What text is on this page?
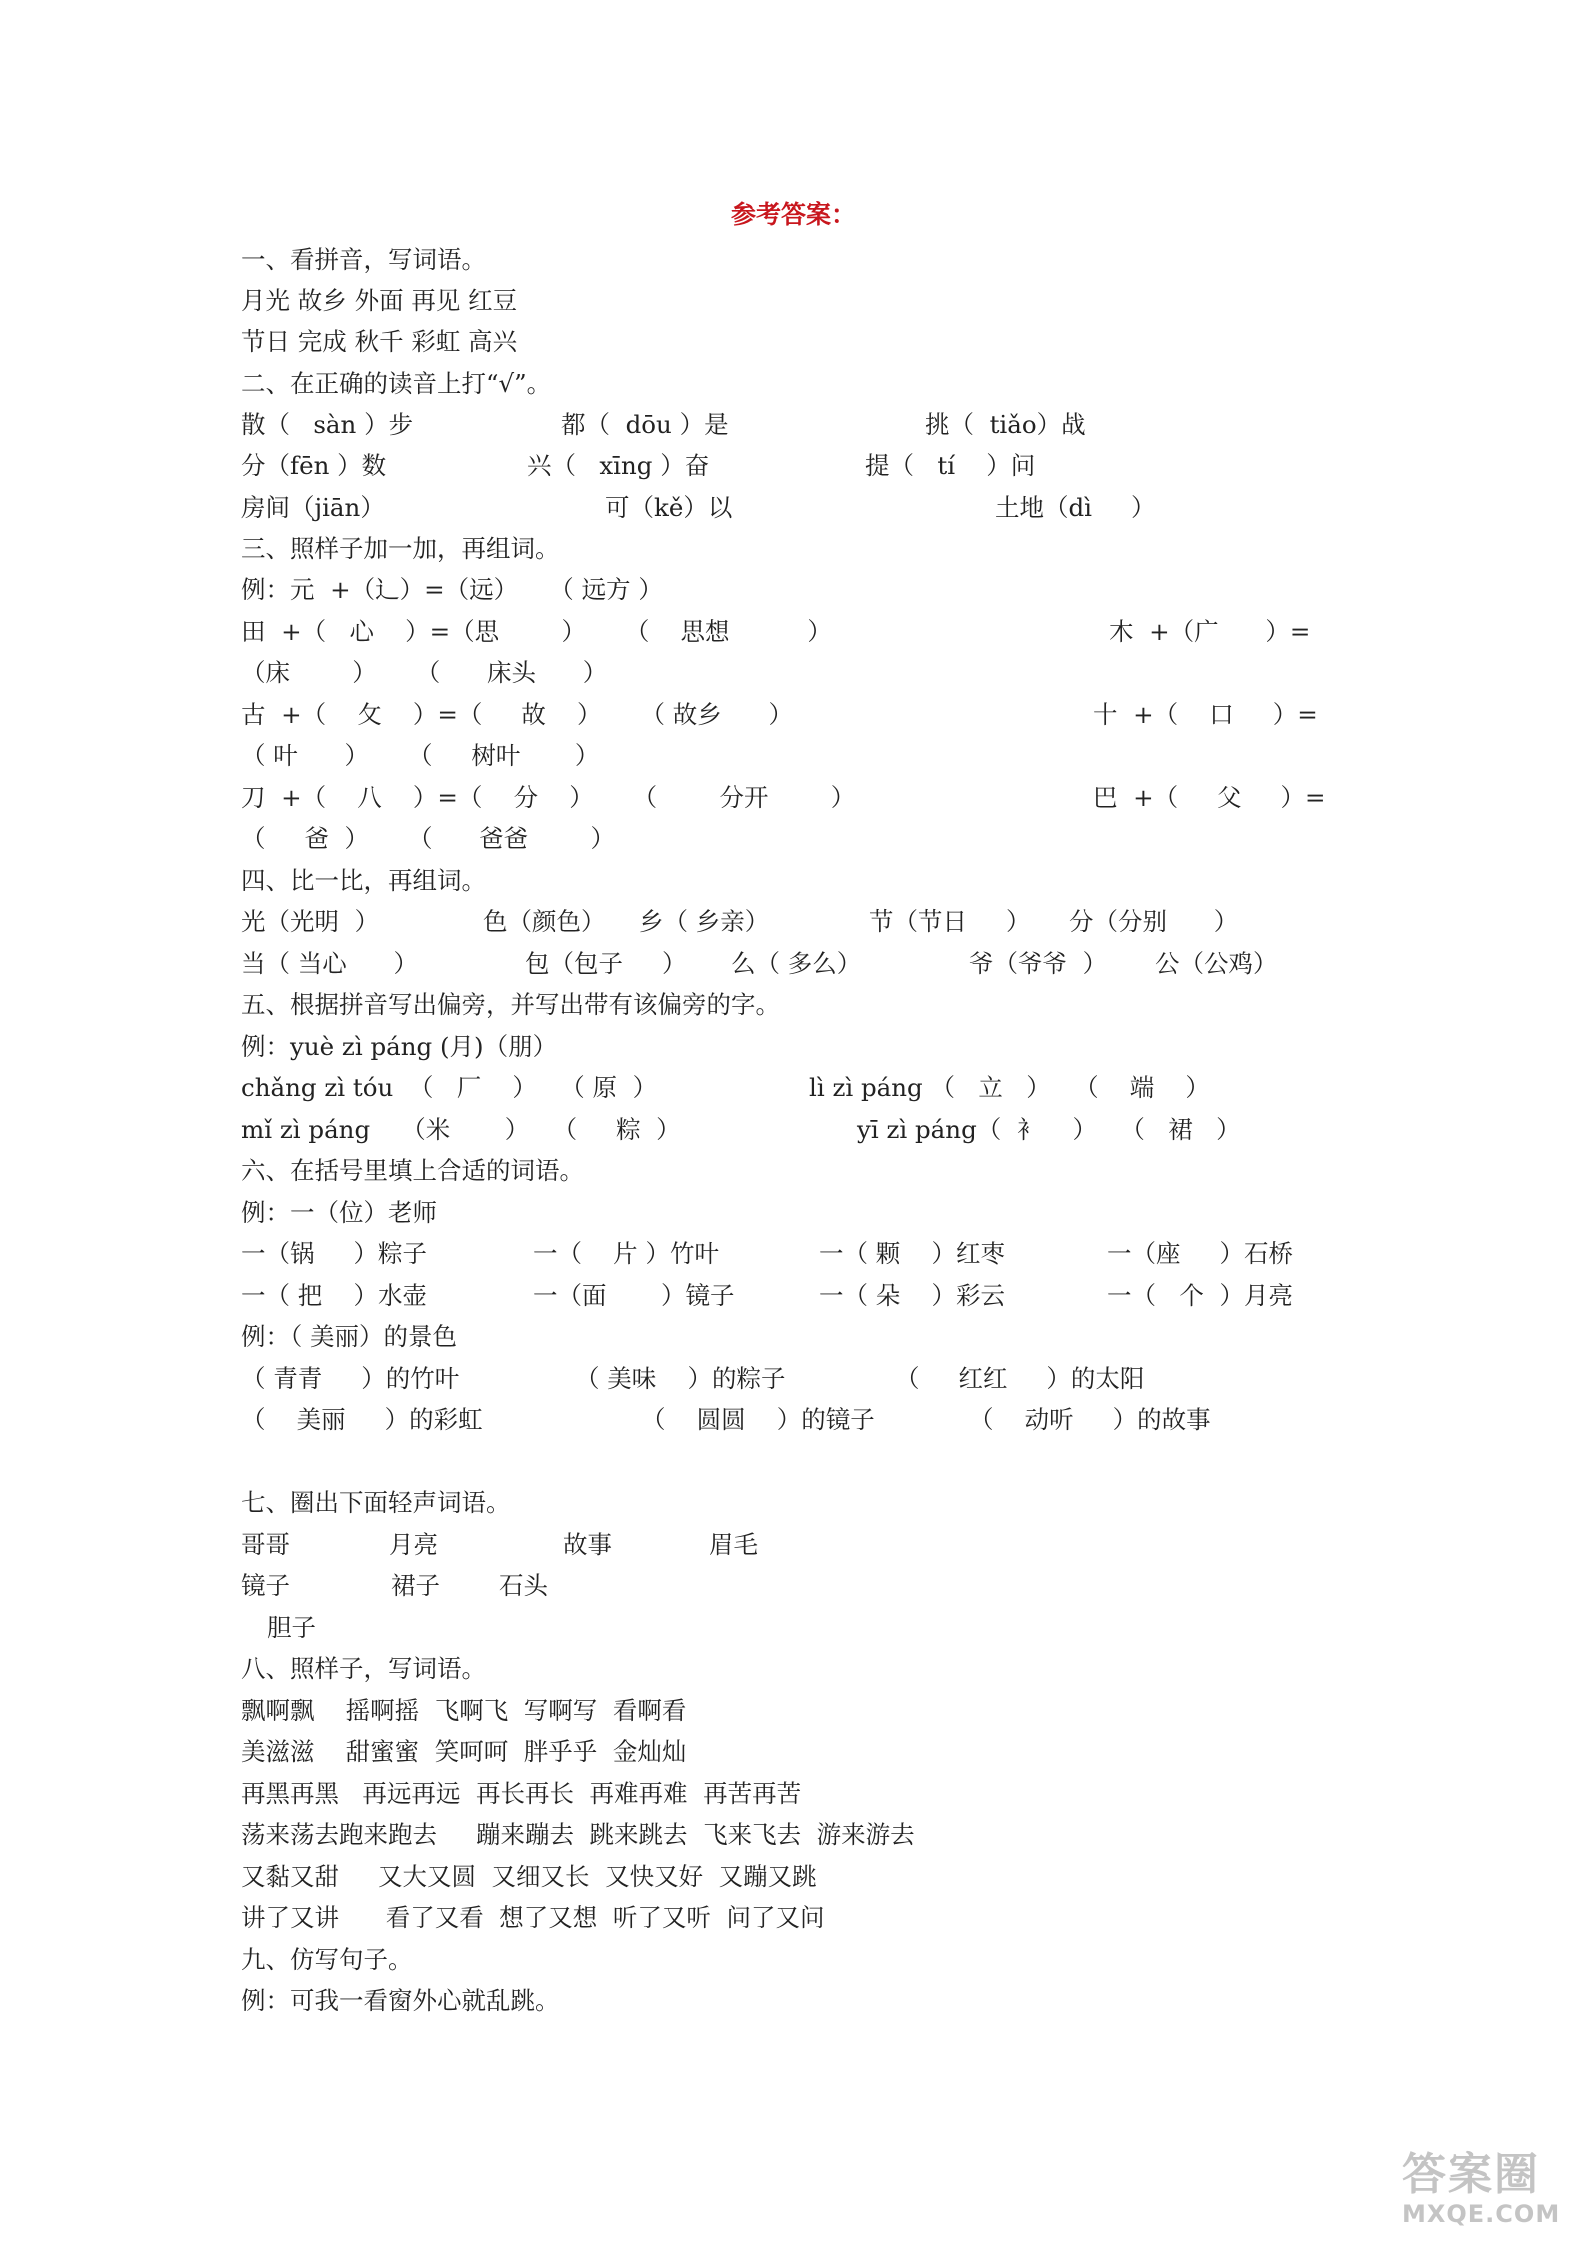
参考答案：
一、看拼音，写词语。
月光 故乡 外面 再见 红豆
节日 完成 秋千 彩虹 高兴
二、在正确的读音上打“√”。
散（   sàn ）步	都（  dōu ）是	挑（  tiǎo）战
分（fēn ）数	兴（   xīng ）奋	提（   tí    ）问
房间（jiān）	可（kě）以	土地（dì     ）
三、照样子加一加，再组词。
例：元  +（辶）=（远）    （ 远方 ）
田  +（   心    ）=（思        ）     （    思想          ）	木  +（广      ）=
（床        ）     （      床头      ）
古  +（    攵    ）=（     故    ）     （ 故乡      ）	十  +（    口     ）=
（ 叶      ）     （     树叶       ）
刀  +（    八    ）=（    分    ）     （        分开        ）	巴  +（     父     ）=
（     爸  ）     （      爸爸        ）
四、比一比，再组词。
光（光明  ）	色（颜色） 乡（ 乡亲）	节（节日     ） 分（分别      ）
当（ 当心      ）	包（包子     ） 么（ 多么）	爷（爷爷  ） 公（公鸡）
五、根据拼音写出偏旁，并写出带有该偏旁的字。
例：yuè zì páng (月)（朋）
chǎng zì tóu  （   厂    ）   （ 原  ）	lì zì páng （   立   ）   （    端    ）
mǐ zì páng    （米       ）   （     粽  ）	yī zì páng（  衤    ）   （   裙   ）
六、在括号里填上合适的词语。
例：一（位）老师
一（锅     ）粽子	一（    片 ）竹叶	一（ 颗    ）红枣	一（座     ）石桥
一（ 把    ）水壶	一（面       ）镜子	一（ 朵    ）彩云	一（   个  ）月亮
例：（ 美丽）的景色
（ 青青     ）的竹叶	（ 美味    ）的粽子	（     红红     ）的太阳
（    美丽     ）的彩虹	（    圆圆    ）的镜子	（    动听     ）的故事
七、圈出下面轻声词语。
哥哥	月亮	故事	眉毛
镜子	裙子 石头
胆子
八、照样子，写词语。
飘啊飘    摇啊摇  飞啊飞  写啊写  看啊看
美滋滋    甜蜜蜜  笑呵呵  胖乎乎  金灿灿
再黑再黑   再远再远  再长再长  再难再难  再苦再苦
荡来荡去跑来跑去     蹦来蹦去  跳来跳去  飞来飞去  游来游去
又黏又甜     又大又圆  又细又长  又快又好  又蹦又跳
讲了又讲      看了又看  想了又想  听了又听  问了又问
九、仿写句子。
例：可我一看窗外心就乱跳。
答案圈
MXQE.COM
